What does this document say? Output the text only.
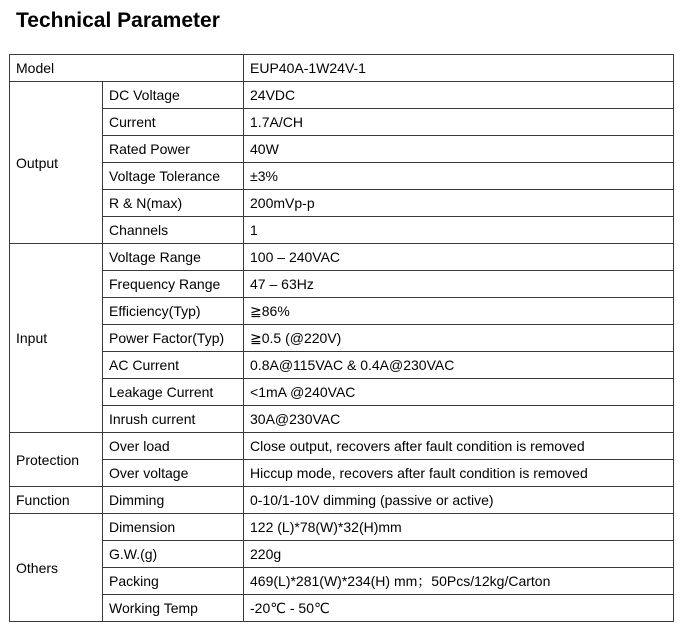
Technical Parameter
Model		EUP40A-1W24V-1
Output	DC Voltage	24VDC
	Current	1.7A/CH
	Rated Power	40W
	Voltage Tolerance	±3%
	R & N(max)	200mVp-p
	Channels	1
Input	Voltage Range	100 – 240VAC
	Frequency Range	47 – 63Hz
	Efficiency(Typ)	≧86%
	Power Factor(Typ)	≧0.5 (@220V)
	AC Current	0.8A@115VAC & 0.4A@230VAC
	Leakage Current	<1mA @240VAC
	Inrush current	30A@230VAC
Protection	Over load	Close output, recovers after fault condition is removed
	Over voltage	Hiccup mode, recovers after fault condition is removed
Function	Dimming	0-10/1-10V dimming (passive or active)
Others	Dimension	122 (L)*78(W)*32(H)mm
	G.W.(g)	220g
	Packing	469(L)*281(W)*234(H) mm；50Pcs/12kg/Carton
	Working Temp	-20℃ - 50℃
